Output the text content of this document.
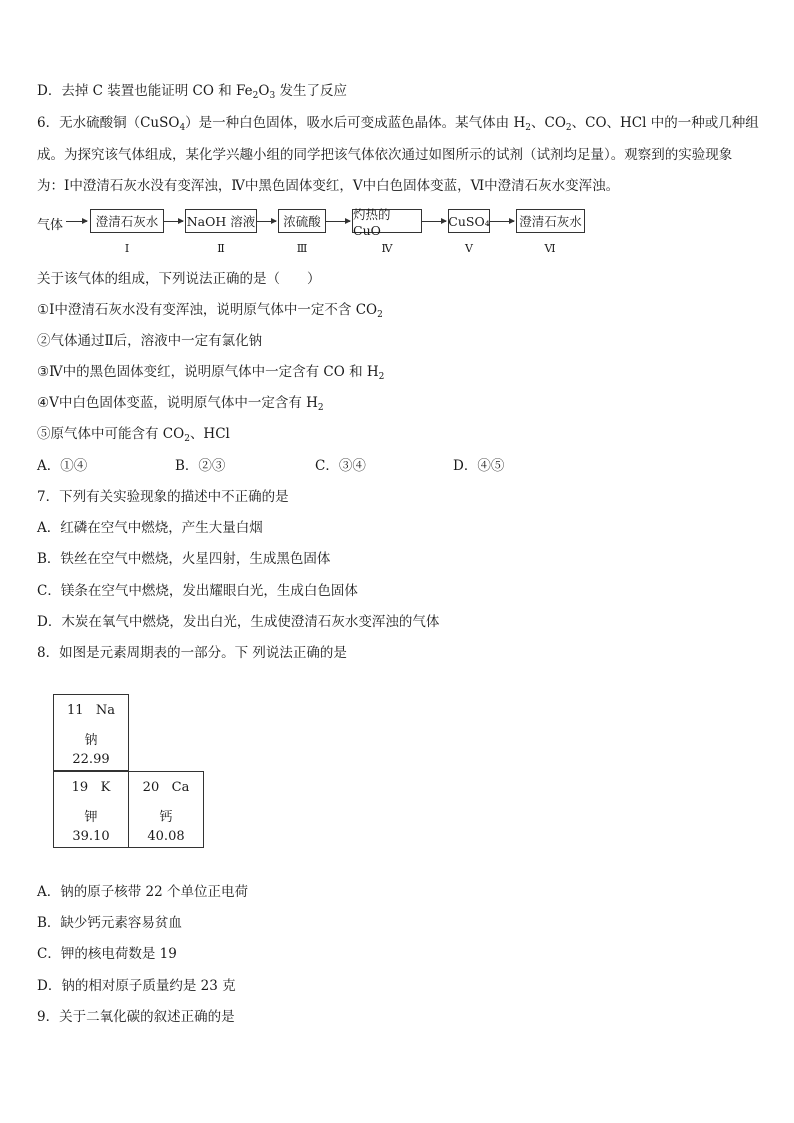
D．去掉 C 装置也能证明 CO 和 $Fe_2O_3$ 发生了反应
6．无水硫酸铜（CuSO$_4$）是一种白色固体，吸水后可变成蓝色晶体。某气体由 $H_2$、$CO_2$、CO、HCl 中的一种或几种组
成。为探究该气体组成，某化学兴趣小组的同学把该气体依次通过如图所示的试剂（试剂均足量）。观察到的实验现象
为：Ⅰ中澄清石灰水没有变浑浊，Ⅳ中黑色固体变红，Ⅴ中白色固体变蓝，Ⅵ中澄清石灰水变浑浊。
气体	澄清石灰水	NaOH 溶液	浓硫酸	灼热的 CuO
CuSO₄ 澄清石灰水
Ⅰ	Ⅱ	Ⅲ	Ⅳ	Ⅴ	Ⅵ
关于该气体的组成，下列说法正确的是（　　）
①Ⅰ中澄清石灰水没有变浑浊，说明原气体中一定不含 $CO_2$
②气体通过Ⅱ后，溶液中一定有氯化钠
③Ⅳ中的黑色固体变红，说明原气体中一定含有 CO 和 $H_2$
④Ⅴ中白色固体变蓝，说明原气体中一定含有 $H_2$
⑤原气体中可能含有 $CO_2$、HCl
A．①④	B．②③	C．③④	D．④⑤
7．下列有关实验现象的描述中不正确的是
A．红磷在空气中燃烧，产生大量白烟
B．铁丝在空气中燃烧，火星四射，生成黑色固体
C．镁条在空气中燃烧，发出耀眼白光，生成白色固体
D．木炭在氧气中燃烧，发出白光，生成使澄清石灰水变浑浊的气体
8．如图是元素周期表的一部分。下 列说法正确的是
11 Na
钠
22.99
19 K
钾
39.10
20 Ca
钙
40.08
A．钠的原子核带 22 个单位正电荷
B．缺少钙元素容易贫血
C．钾的核电荷数是 19
D．钠的相对原子质量约是 23 克
9．关于二氧化碳的叙述正确的是
